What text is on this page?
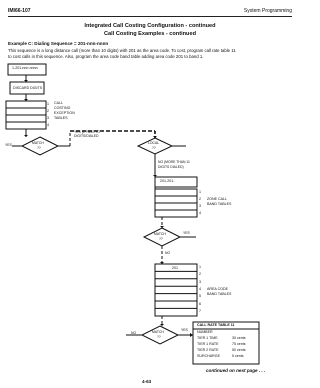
IMI66-107	System Programming
Integrated Call Costing Configuration - continued
Call Costing Examples - continued
Example C: Dialing Sequence = 201-nnn-nnnn
This sequence is a long distance call (more than 10 digits) with 201 as the area code. To cost, program call rate table 11
to cost calls in this sequence. Also, program the area code band table adding area code 201 to band 1.
1-201-nnn-nnnn
DISCARD DIGITS
1
2
3
4
CALL
COSTING
EXCEPTION
TABLES
MATCH
??
YES
YES (1 PASS TO
DIGITS/DIALED
LOCAL
??
NO (MORE THAN 11
DIGITS DIALED)
201-201-
1
2
3
4
ZONE CALL
BAND TABLES
MATCH
??
YES
NO
201	1
2
3
4
5
6
7
AREA CODE
BAND TABLES
MATCH
??
YES
NO
CALL RATE TABLE 11
NUMBER
TIER 1 TIME	30 cents
TIER 1 RATE	75 cents
TIER 2 RATE	50 cents
SURCHARGE	5 cents
continued on next page . . .
4-63
